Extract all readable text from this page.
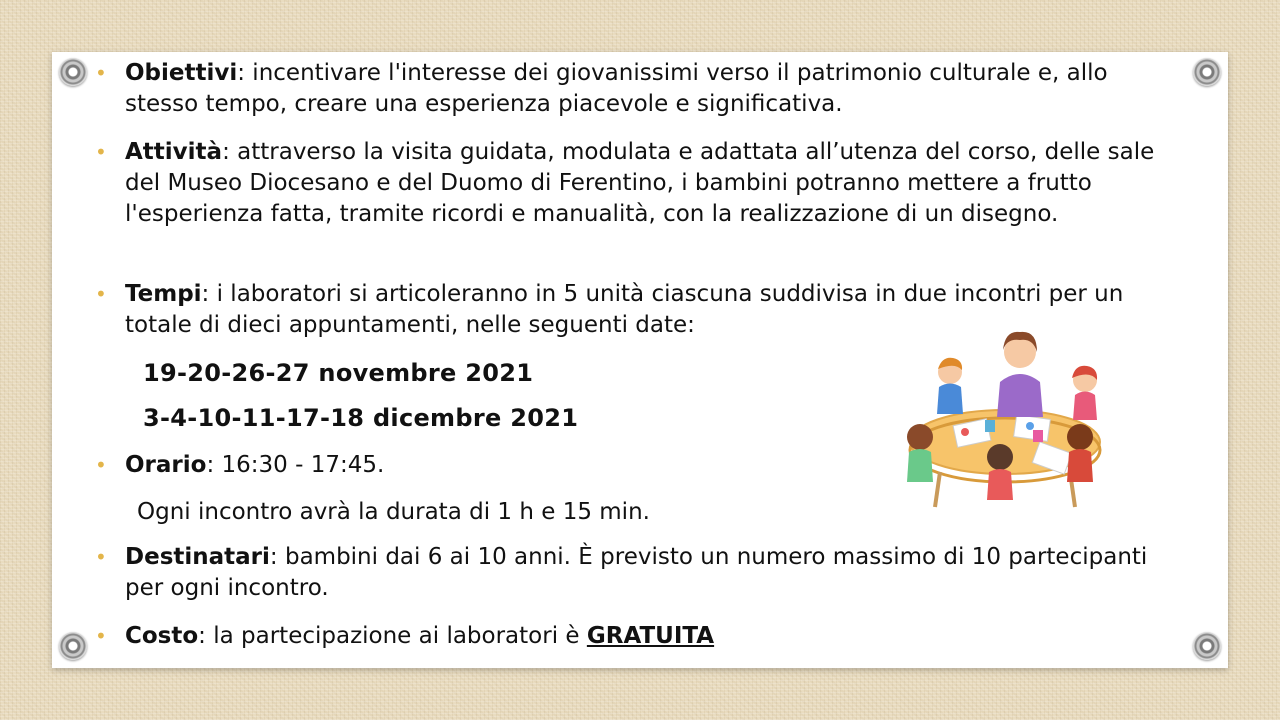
• Obiettivi: incentivare l'interesse dei giovanissimi verso il patrimonio culturale e, allo stesso tempo, creare una esperienza piacevole e significativa.
• Attività: attraverso la visita guidata, modulata e adattata all’utenza del corso, delle sale del Museo Diocesano e del Duomo di Ferentino, i bambini potranno mettere a frutto l'esperienza fatta, tramite ricordi e manualità, con la realizzazione di un disegno.
• Tempi: i laboratori si articoleranno in 5 unità ciascuna suddivisa in due incontri per un totale di dieci appuntamenti, nelle seguenti date:
19-20-26-27 novembre 2021
3-4-10-11-17-18 dicembre 2021
• Orario: 16:30 - 17:45.
Ogni incontro avrà la durata di 1 h e 15 min.
• Destinatari: bambini dai 6 ai 10 anni. È previsto un numero massimo di 10 partecipanti per ogni incontro.
• Costo: la partecipazione ai laboratori è GRATUITA
